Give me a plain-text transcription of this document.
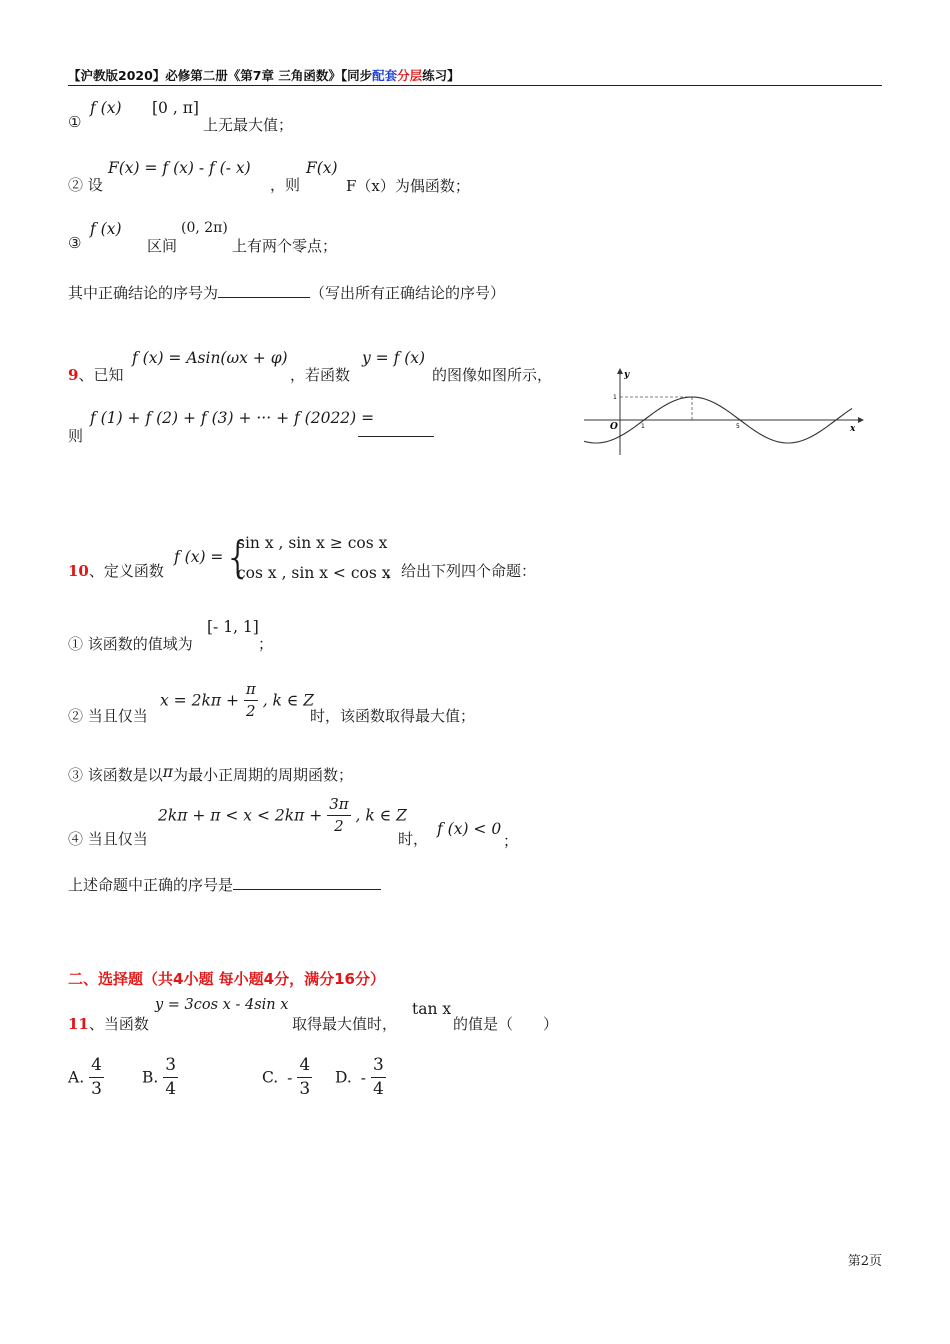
【沪教版2020】必修第二册《第7章 三角函数》【同步配套分层练习】
①
f (x) [0 , π]
上无最大值；
② 设
F(x) = f (x) - f (- x)
，则
F(x)
F（x）为偶函数；
③
f (x)
区间
(0, 2π)
上有两个零点；
其中正确结论的序号为	（写出所有正确结论的序号）
9、已知
f (x) = Asin(ωx + φ)
，若函数
y = f (x)
的图像如图所示，
则
f (1) + f (2) + f (3) + ··· + f (2022) =
y
x
O	1	5
1
10、定义函数
f (x) = {
sin x , sin x ≥ cos x
cos x , sin x < cos x
，给出下列四个命题：
① 该函数的值域为
[- 1, 1]
；
② 当且仅当
$x = 2k\pi + \frac{\pi}{2}$ , k ∈ Z
时，该函数取得最大值；
③ 该函数是以π为最小正周期的周期函数；
④ 当且仅当
$2k\pi + \pi < x < 2k\pi + \frac{3\pi}{2}$ , k ∈ Z
时，
f (x) < 0
；
上述命题中正确的序号是
二、选择题（共4小题 每小题4分，满分16分）
11、当函数
y = 3cos x - 4sin x
取得最大值时，
tan x
的值是（　　）
A. $\frac{4}{3} B$. $\frac{3}{4}$	C. - $\frac{4}{3} D$. - $\frac{3}{4}$
第2页
